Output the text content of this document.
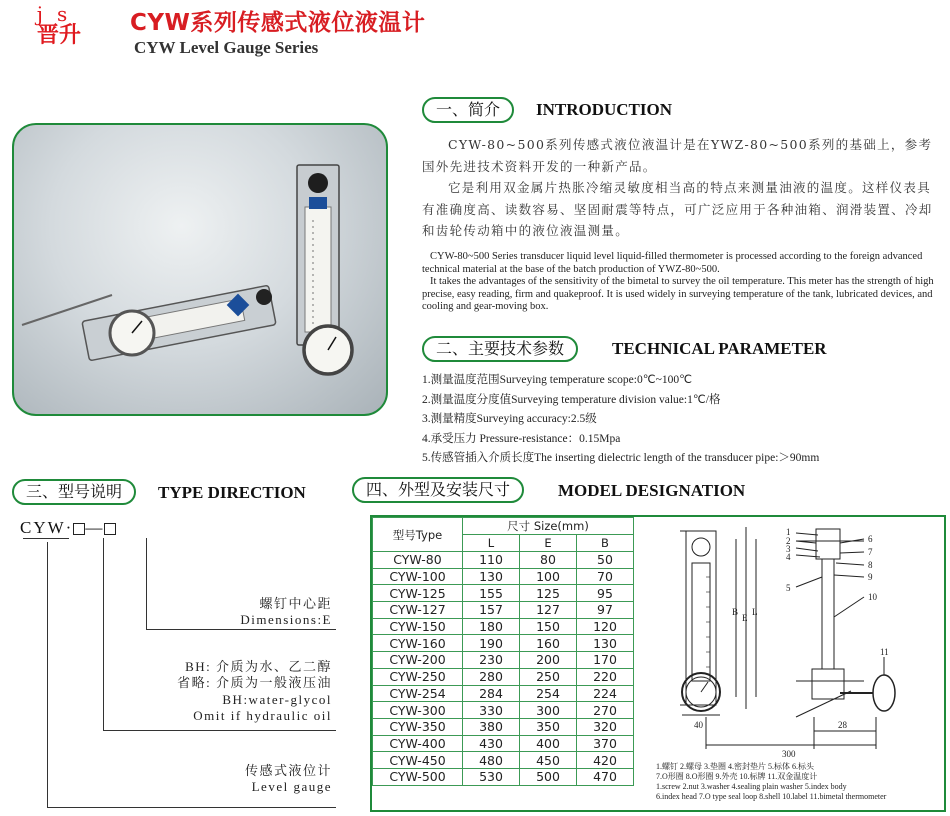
js
晋升	CYW系列传感式液位液温计
CYW Level Gauge Series
一、简介	INTRODUCTION

CYW-80~500系列传感式液位液温计是在YWZ-80~500系列的基础上，参考国外先进技术资料开发的一种新产品。

它是利用双金属片热胀冷缩灵敏度相当高的特点来测量油液的温度。这样仪表具有准确度高、读数容易、坚固耐震等特点，可广泛应用于各种油箱、润滑装置、冷却和齿轮传动箱中的液位液温测量。

CYW-80~500 Series transducer liquid level liquid-filled thermometer is processed according to the foreign advanced technical material at the base of the batch production of YWZ-80~500.

It takes the advantages of the sensitivity of the bimetal to survey the oil temperature. This meter has the strength of high precise, easy reading, firm and quakeproof. It is used widely in surveying temperature of the tank, lubricated devices, and cooling and gear-moving box.

二、主要技术参数	TECHNICAL PARAMETER
1.测量温度范围Surveying temperature scope:0℃~100℃
2.测量温度分度值Surveying temperature division value:1℃/格
3.测量精度Surveying accuracy:2.5级
4.承受压力 Pressure-resistance：0.15Mpa
5.传感管插入介质长度The inserting dielectric length of the transducer pipe:＞90mm
三、型号说明	TYPE DIRECTION
CYW· —
螺钉中心距
Dimensions:E
BH: 介质为水、乙二醇
省略: 介质为一般液压油
BH:water-glycol
Omit if hydraulic oil
传感式液位计
Level gauge
四、外型及安装尺寸	MODEL DESIGNATION
型号Type	尺寸 Size(mm)		
	L	E	B
CYW-80	110	80	50
CYW-100	130	100	70
CYW-125	155	125	95
CYW-127	157	127	97
CYW-150	180	150	120
CYW-160	190	160	130
CYW-200	230	200	170
CYW-250	280	250	220
CYW-254	284	254	224
CYW-300	330	300	270
CYW-350	380	350	320
CYW-400	430	400	370
CYW-450	480	450	420
CYW-500	530	500	470
1
2
3
4
5
6
7
8
9
10
11
40	28
300
B
E
L
1.螺钉 2.螺母 3.垫圈 4.密封垫片 5.标体 6.标头
7.O形圈 8.O形圈 9.外壳 10.标牌 11.双金温度计
1.screw 2.nut 3.washer 4.sealing plain washer 5.index body
6.index head 7.O type seal loop 8.shell 10.label 11.bimetal thermometer
